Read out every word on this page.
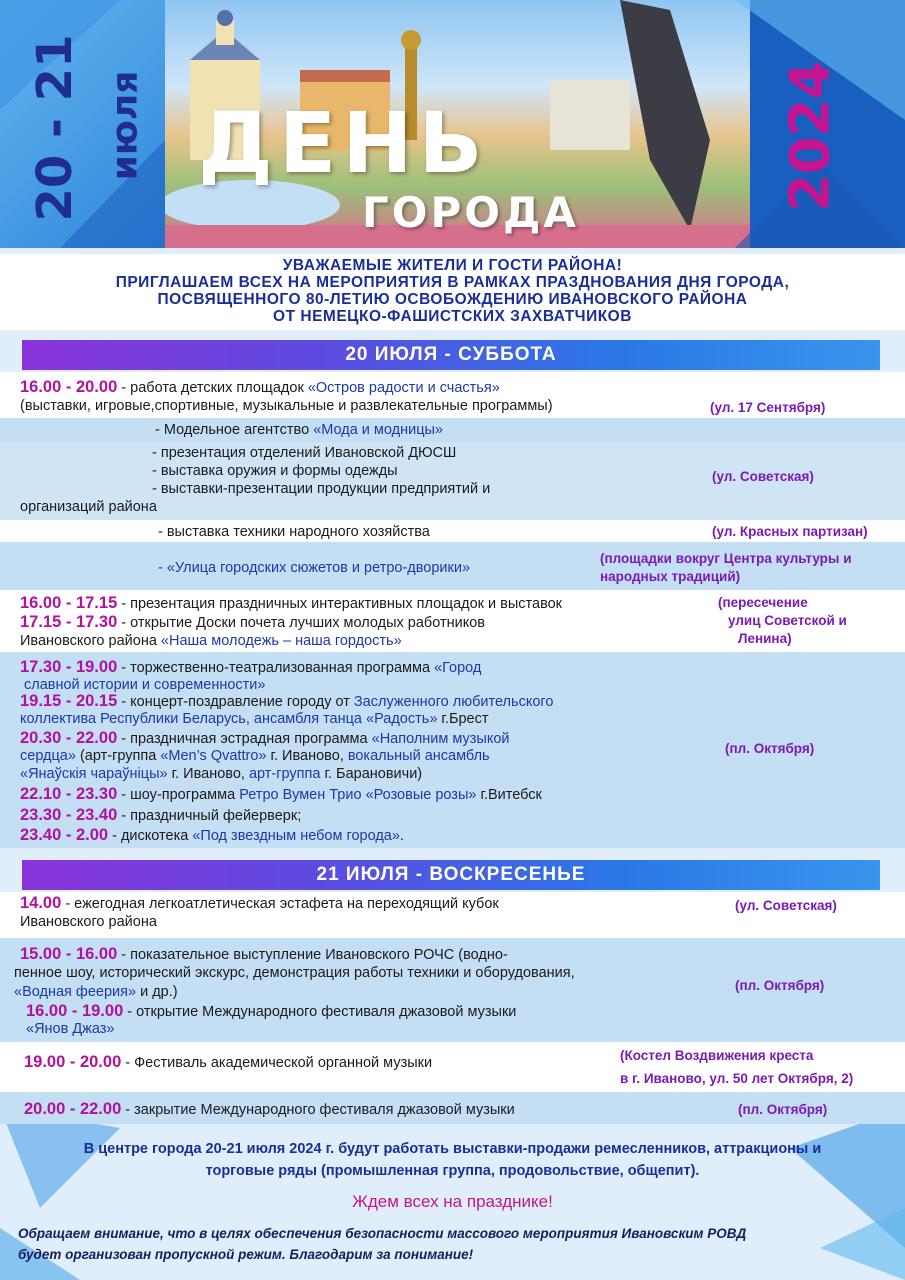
20 - 21 июля	2024
ДЕНЬ
ГОРОДА
УВАЖАЕМЫЕ ЖИТЕЛИ И ГОСТИ РАЙОНА!
ПРИГЛАШАЕМ ВСЕХ НА МЕРОПРИЯТИЯ В РАМКАХ ПРАЗДНОВАНИЯ ДНЯ ГОРОДА,
ПОСВЯЩЕННОГО 80-ЛЕТИЮ ОСВОБОЖДЕНИЮ ИВАНОВСКОГО РАЙОНА
ОТ НЕМЕЦКО-ФАШИСТСКИХ ЗАХВАТЧИКОВ
20 ИЮЛЯ - СУББОТА
16.00 - 20.00 - работа детских площадок «Остров радости и счастья»
(выставки, игровые,спортивные, музыкальные и развлекательные программы)	(ул. 17 Сентября)
- Модельное агентство «Мода и модницы»
- презентация отделений Ивановской ДЮСШ
- выставка оружия и формы одежды
- выставки-презентации продукции предприятий и
организаций района
(ул. Советская)
- выставка техники народного хозяйства	(ул. Красных партизан)
- «Улица городских сюжетов и ретро-дворики»
(площадки вокруг Центра культуры и
народных традиций)
16.00 - 17.15 - презентация праздничных интерактивных площадок и выставок
17.15 - 17.30 - открытие Доски почета лучших молодых работников
Ивановского района «Наша молодежь – наша гордость»
(пересечение
улиц Советской и
Ленина)
17.30 - 19.00 - торжественно-театрализованная программа «Город
славной истории и современности»
19.15 - 20.15 - концерт-поздравление городу от Заслуженного любительского
коллектива Республики Беларусь, ансамбля танца «Радость» г.Брест
20.30 - 22.00 - праздничная эстрадная программа «Наполним музыкой
сердца» (арт-группа «Men’s Qvattro» г. Иваново, вокальный ансамбль
«Янаўскія чараўніцы» г. Иваново, арт-группа г. Барановичи)
(пл. Октября)
22.10 - 23.30 - шоу-программа Ретро Вумен Трио «Розовые розы» г.Витебск
23.30 - 23.40 - праздничный фейерверк;
23.40 - 2.00 - дискотека «Под звездным небом города».
21 ИЮЛЯ - ВОСКРЕСЕНЬЕ
14.00 - ежегодная легкоатлетическая эстафета на переходящий кубок
Ивановского района
(ул. Советская)
15.00 - 16.00 - показательное выступление Ивановского РОЧС (водно-
пенное шоу, исторический экскурс, демонстрация работы техники и оборудования,
«Водная феерия» и др.)
16.00 - 19.00 - открытие Международного фестиваля джазовой музыки
«Янов Джаз»
(пл. Октября)
19.00 - 20.00 - Фестиваль академической органной музыки	(Костел Воздвижения креста
в г. Иваново, ул. 50 лет Октября, 2)
20.00 - 22.00 - закрытие Международного фестиваля джазовой музыки	(пл. Октября)
В центре города 20-21 июля 2024 г. будут работать выставки-продажи ремесленников, аттракционы и
торговые ряды (промышленная группа, продовольствие, общепит).
Ждем всех на празднике!
Обращаем внимание, что в целях обеспечения безопасности массового мероприятия Ивановским РОВД
будет организован пропускной режим. Благодарим за понимание!
